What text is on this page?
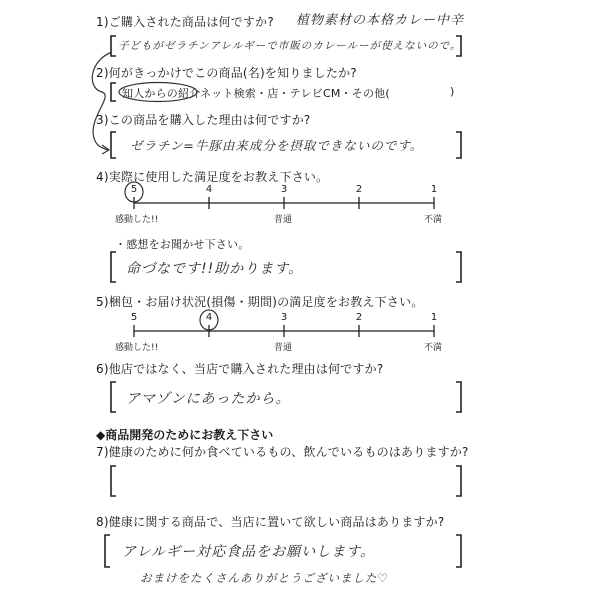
1)ご購入された商品は何ですか? 植物素材の本格カレー中辛
子どもがゼラチンアレルギーで市販のカレールーが使えないので。
2)何がきっかけでこの商品(名)を知りましたか?
知人からの紹介 ネット検索・店・テレビCM・その他(	)
3)この商品を購入した理由は何ですか?
ゼラチン=牛豚由来成分を摂取できないのです。
4)実際に使用した満足度をお教え下さい。
5	4	3	2	1
感動した!!	普通	不満
・感想をお聞かせ下さい。
命づなです!!助かります。
5)梱包・お届け状況(損傷・期間)の満足度をお教え下さい。
5	4	3	2	1
感動した!!	普通	不満
6)他店ではなく、当店で購入された理由は何ですか?
アマゾンにあったから。
◆商品開発のためにお教え下さい
7)健康のために何か食べているもの、飲んでいるものはありますか?
8)健康に関する商品で、当店に置いて欲しい商品はありますか?
アレルギー対応食品をお願いします。
おまけをたくさんありがとうございました♡
